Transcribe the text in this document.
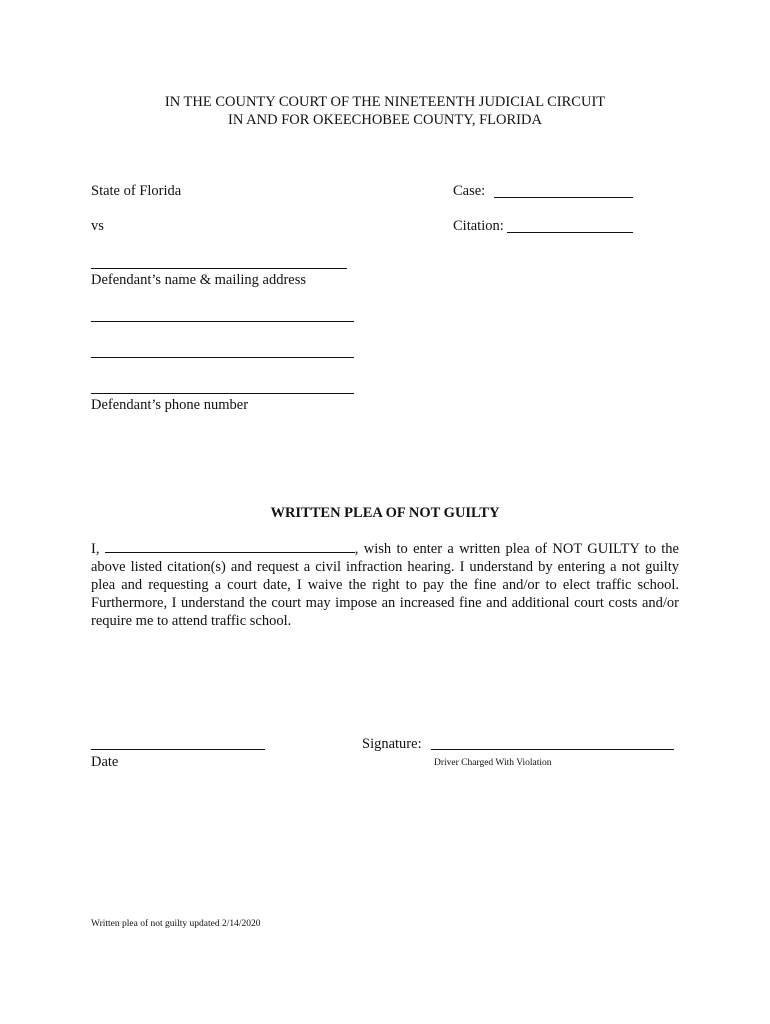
IN THE COUNTY COURT OF THE NINETEENTH JUDICIAL CIRCUIT
IN AND FOR OKEECHOBEE COUNTY, FLORIDA
State of Florida	Case:
vs	Citation:
Defendant’s name & mailing address
Defendant’s phone number
WRITTEN PLEA OF NOT GUILTY
I,	, wish to enter a written plea of NOT GUILTY to the above listed citation(s) and request a civil infraction hearing. I understand by entering a not guilty plea and requesting a court date, I waive the right to pay the fine and/or to elect traffic school. Furthermore, I understand the court may impose an increased fine and additional court costs and/or require me to attend traffic school.
Date
Signature:
Driver Charged With Violation
Written plea of not guilty updated 2/14/2020
